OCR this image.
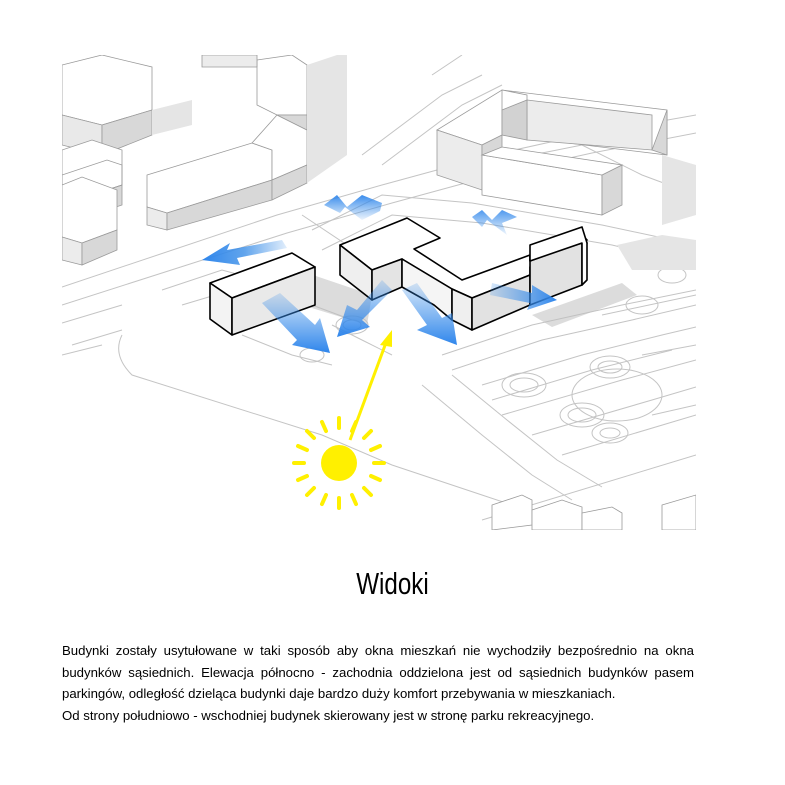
Widoki

Budynki zostały usytułowane w taki sposób aby okna mieszkań nie wychodziły bezpośrednio na okna budynków sąsiednich. Elewacja północno - zachodnia oddzielona jest od sąsiednich budynków pasem parkingów, odległość dzieląca budynki daje bardzo duży komfort przebywania w mieszkaniach.

Od strony południowo - wschodniej budynek skierowany jest w stronę parku rekreacyjnego.
